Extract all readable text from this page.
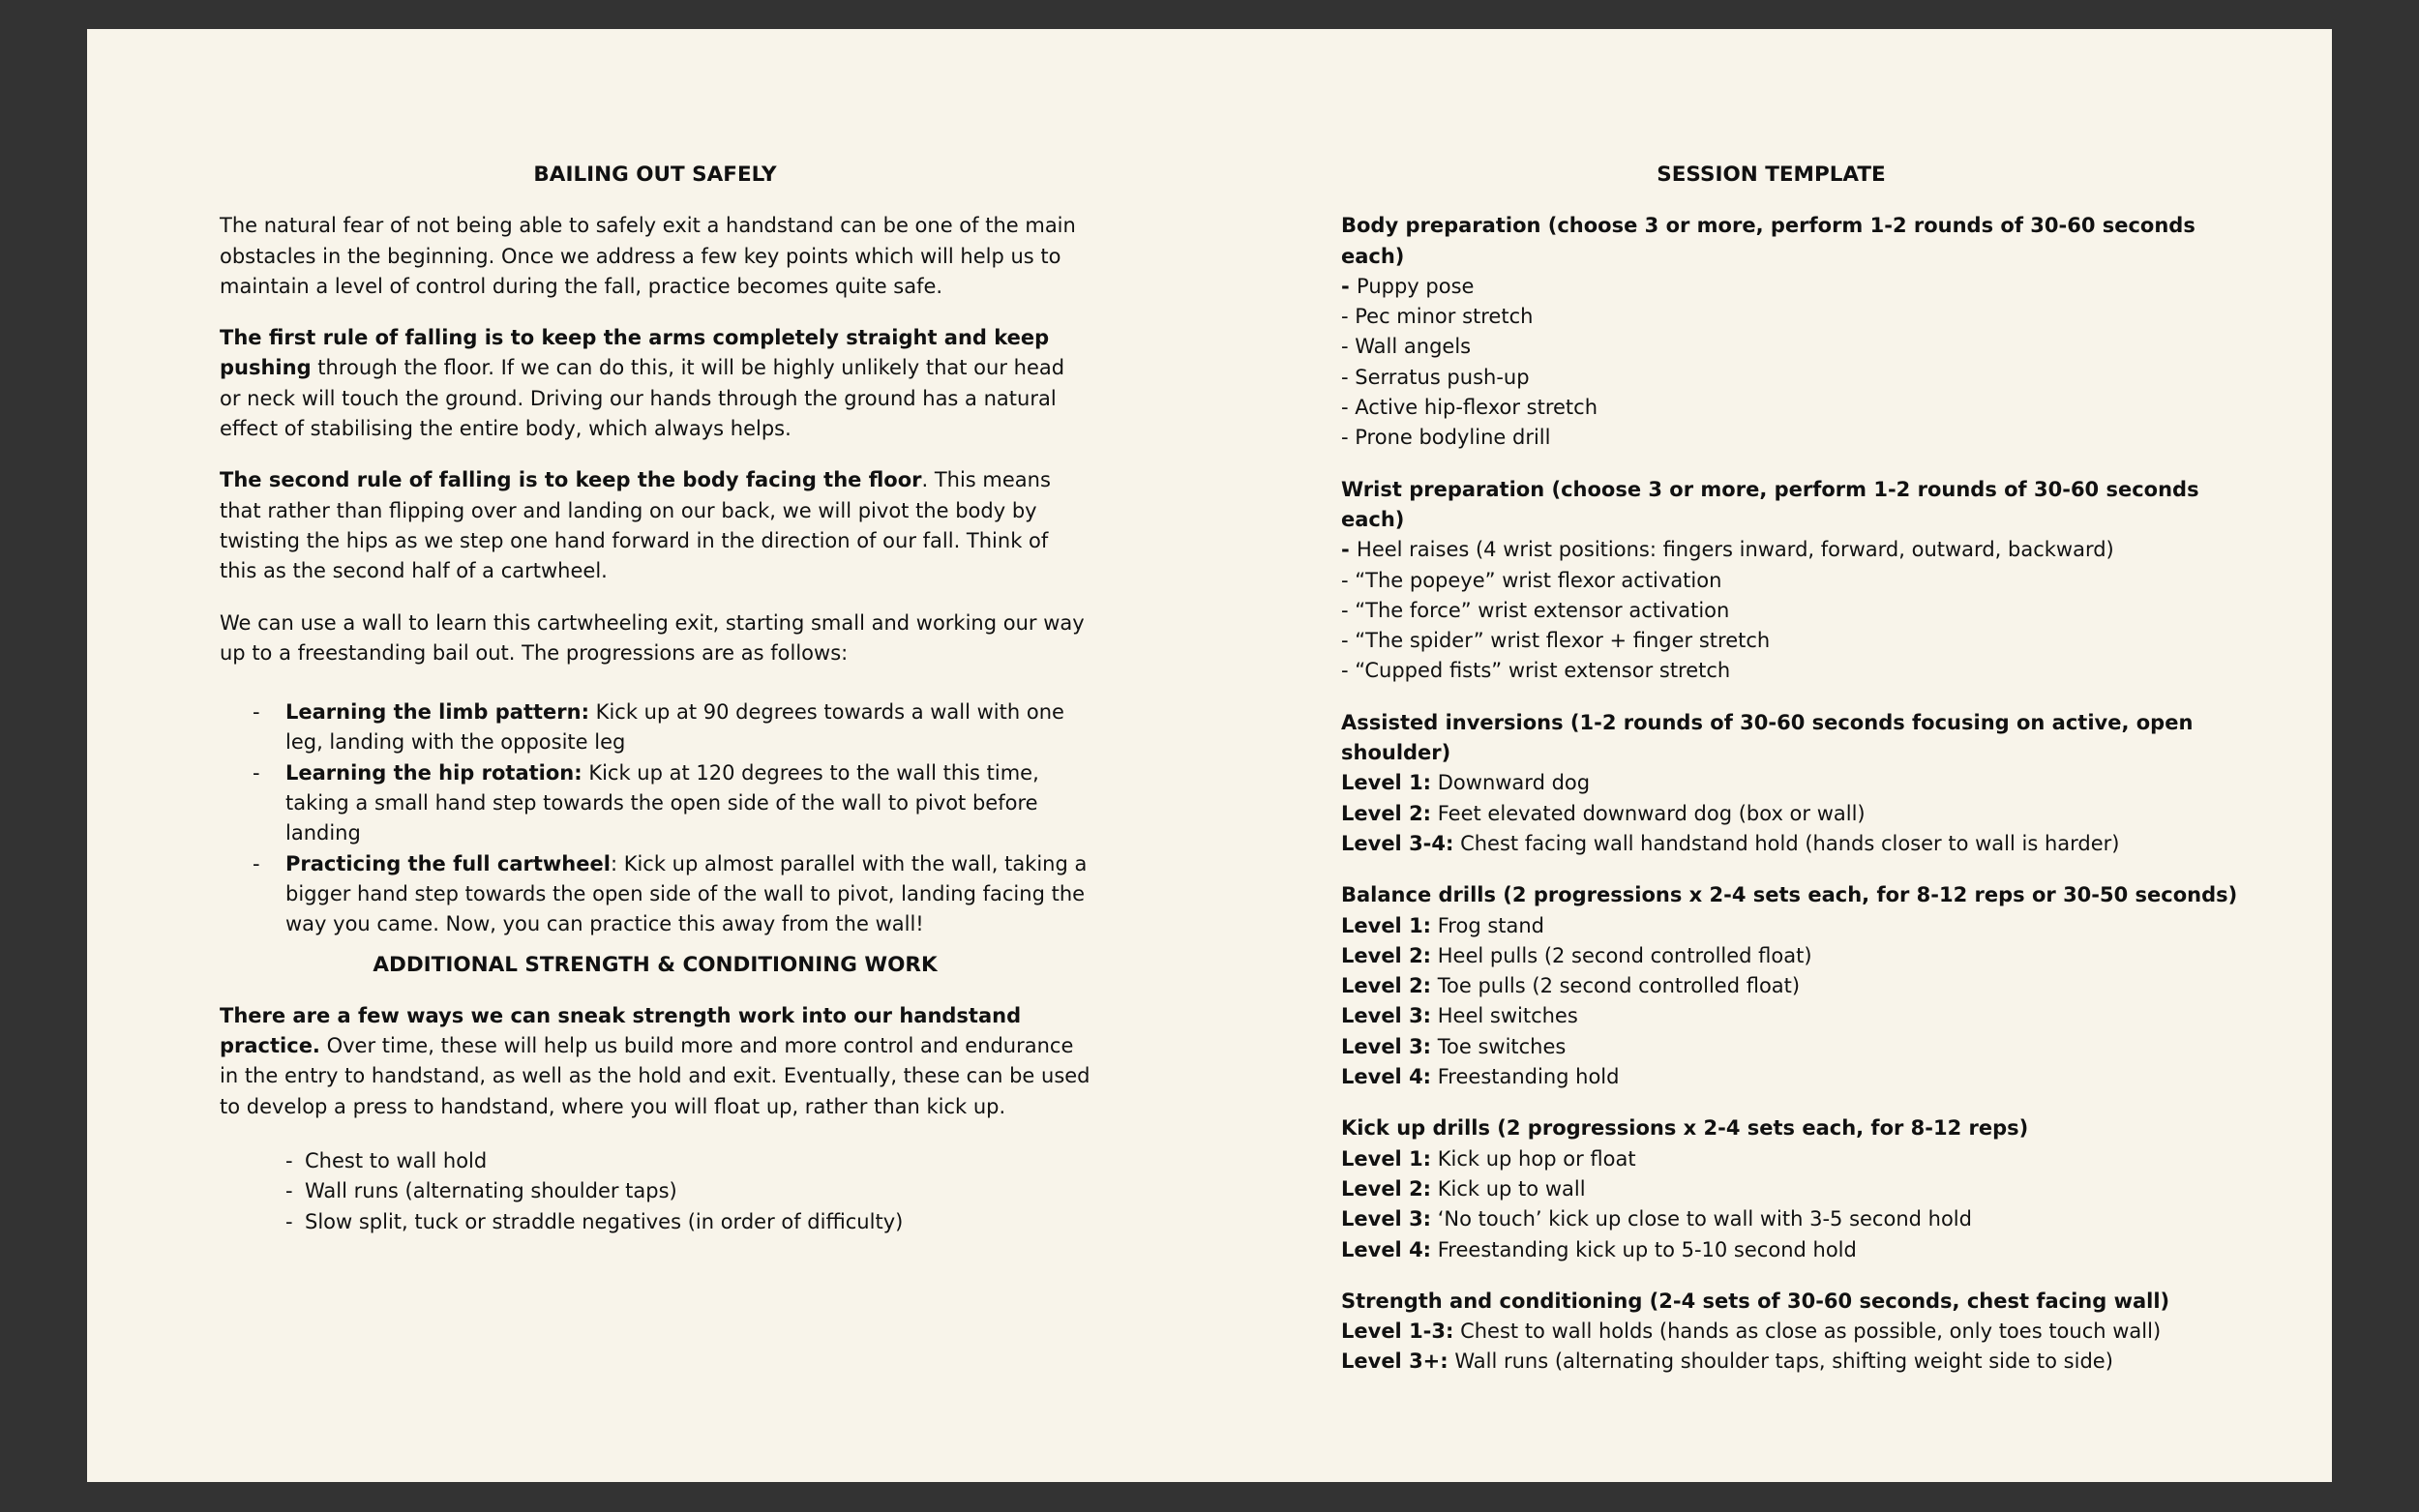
BAILING OUT SAFELY
The natural fear of not being able to safely exit a handstand can be one of the main obstacles in the beginning. Once we address a few key points which will help us to maintain a level of control during the fall, practice becomes quite safe.
The first rule of falling is to keep the arms completely straight and keep pushing through the floor. If we can do this, it will be highly unlikely that our head or neck will touch the ground. Driving our hands through the ground has a natural effect of stabilising the entire body, which always helps.
The second rule of falling is to keep the body facing the floor. This means that rather than flipping over and landing on our back, we will pivot the body by twisting the hips as we step one hand forward in the direction of our fall. Think of this as the second half of a cartwheel.
We can use a wall to learn this cartwheeling exit, starting small and working our way up to a freestanding bail out. The progressions are as follows:
- Learning the limb pattern: Kick up at 90 degrees towards a wall with one leg, landing with the opposite leg
- Learning the hip rotation: Kick up at 120 degrees to the wall this time, taking a small hand step towards the open side of the wall to pivot before landing
- Practicing the full cartwheel: Kick up almost parallel with the wall, taking a bigger hand step towards the open side of the wall to pivot, landing facing the way you came. Now, you can practice this away from the wall!
ADDITIONAL STRENGTH & CONDITIONING WORK
There are a few ways we can sneak strength work into our handstand practice. Over time, these will help us build more and more control and endurance in the entry to handstand, as well as the hold and exit. Eventually, these can be used to develop a press to handstand, where you will float up, rather than kick up.
- Chest to wall hold
- Wall runs (alternating shoulder taps)
- Slow split, tuck or straddle negatives (in order of difficulty)
SESSION TEMPLATE
Body preparation (choose 3 or more, perform 1-2 rounds of 30-60 seconds each)
- Puppy pose
- Pec minor stretch
- Wall angels
- Serratus push-up
- Active hip-flexor stretch
- Prone bodyline drill
Wrist preparation (choose 3 or more, perform 1-2 rounds of 30-60 seconds each)
- Heel raises (4 wrist positions: fingers inward, forward, outward, backward)
- “The popeye” wrist flexor activation
- “The force” wrist extensor activation
- “The spider” wrist flexor + finger stretch
- “Cupped fists” wrist extensor stretch
Assisted inversions (1-2 rounds of 30-60 seconds focusing on active, open shoulder)
Level 1: Downward dog
Level 2: Feet elevated downward dog (box or wall)
Level 3-4: Chest facing wall handstand hold (hands closer to wall is harder)
Balance drills (2 progressions x 2-4 sets each, for 8-12 reps or 30-50 seconds)
Level 1: Frog stand
Level 2: Heel pulls (2 second controlled float)
Level 2: Toe pulls (2 second controlled float)
Level 3: Heel switches
Level 3: Toe switches
Level 4: Freestanding hold
Kick up drills (2 progressions x 2-4 sets each, for 8-12 reps)
Level 1: Kick up hop or float
Level 2: Kick up to wall
Level 3: ‘No touch’ kick up close to wall with 3-5 second hold
Level 4: Freestanding kick up to 5-10 second hold
Strength and conditioning (2-4 sets of 30-60 seconds, chest facing wall)
Level 1-3: Chest to wall holds (hands as close as possible, only toes touch wall)
Level 3+: Wall runs (alternating shoulder taps, shifting weight side to side)
